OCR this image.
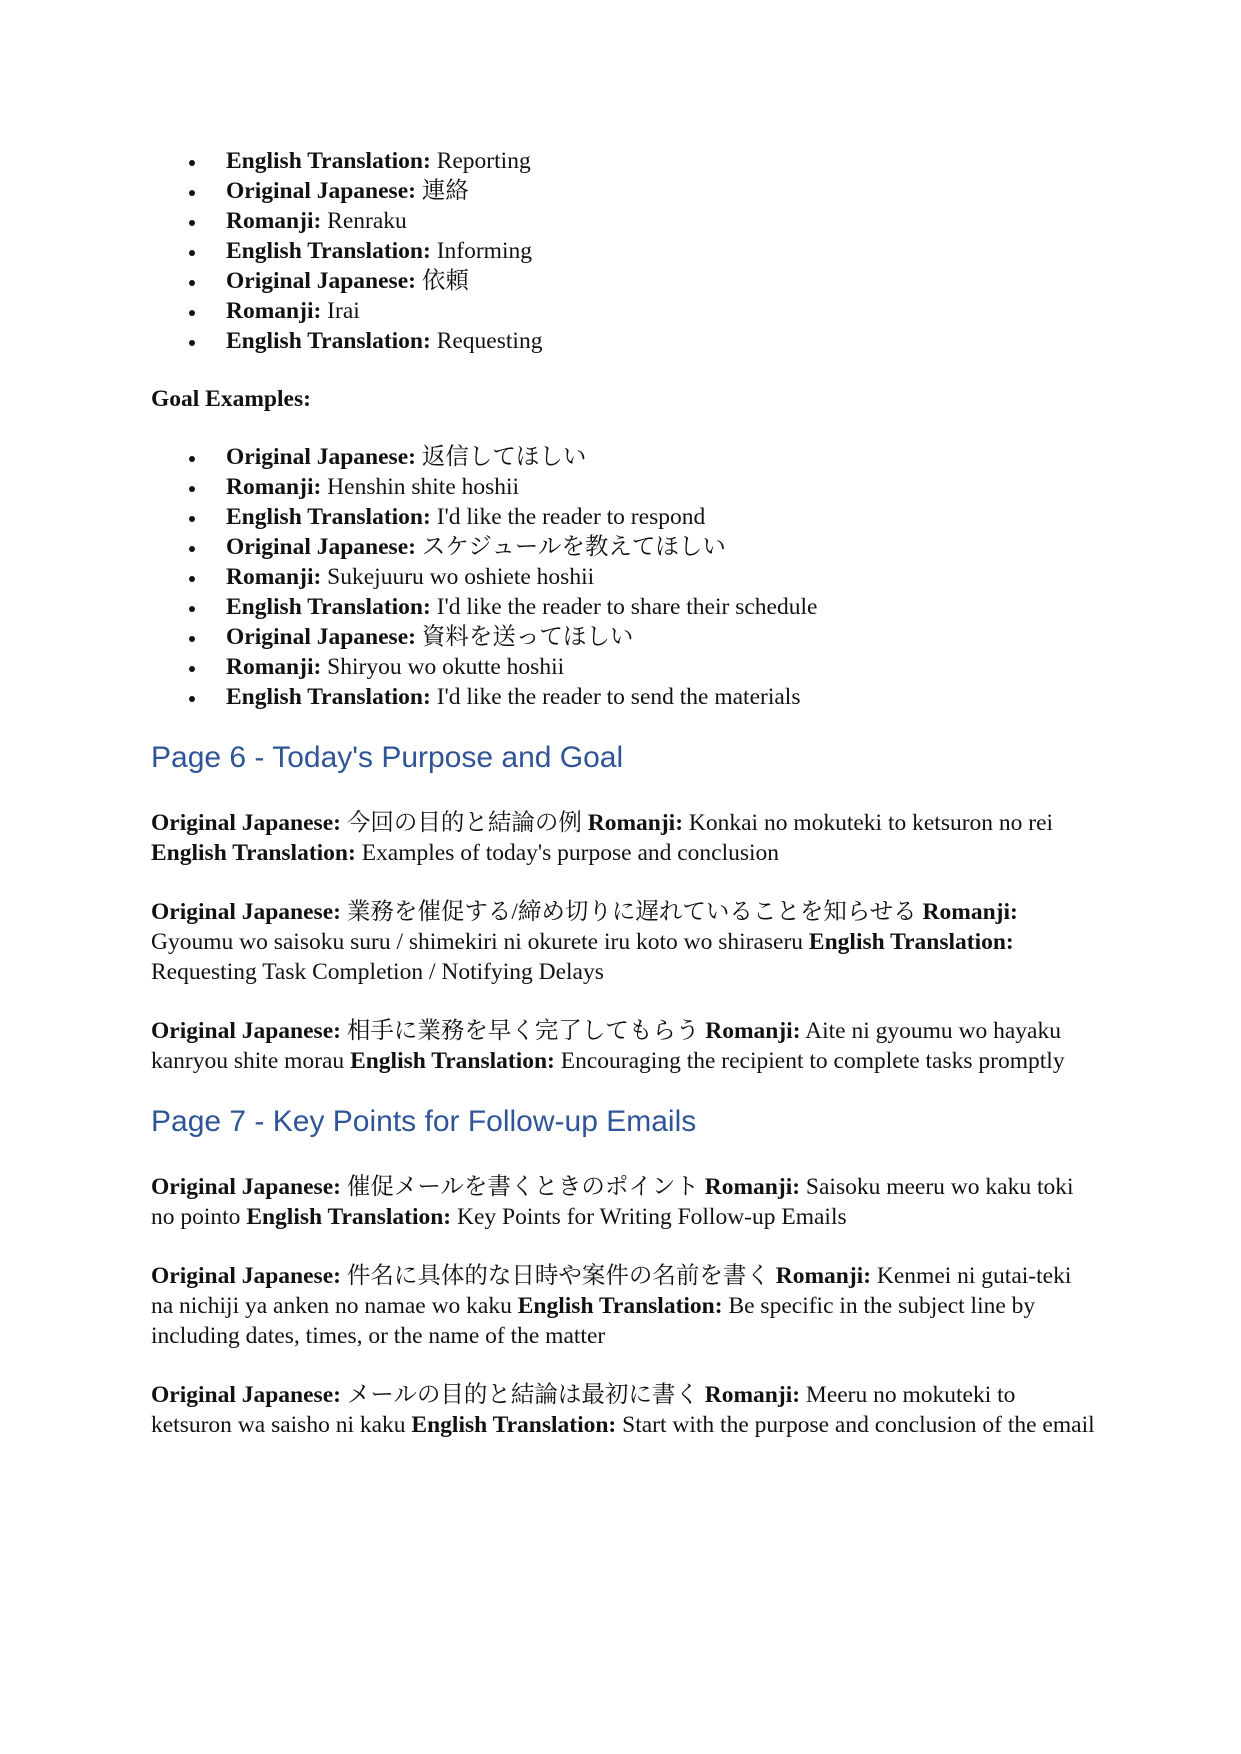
English Translation: Reporting
Original Japanese: 連絡
Romanji: Renraku
English Translation: Informing
Original Japanese: 依頼
Romanji: Irai
English Translation: Requesting
Goal Examples:
Original Japanese: 返信してほしい
Romanji: Henshin shite hoshii
English Translation: I'd like the reader to respond
Original Japanese: スケジュールを教えてほしい
Romanji: Sukejuuru wo oshiete hoshii
English Translation: I'd like the reader to share their schedule
Original Japanese: 資料を送ってほしい
Romanji: Shiryou wo okutte hoshii
English Translation: I'd like the reader to send the materials
Page 6 - Today's Purpose and Goal

Original Japanese: 今回の目的と結論の例 Romanji: Konkai no mokuteki to ketsuron no rei English Translation: Examples of today's purpose and conclusion

Original Japanese: 業務を催促する/締め切りに遅れていることを知らせる Romanji: Gyoumu wo saisoku suru / shimekiri ni okurete iru koto wo shiraseru English Translation: Requesting Task Completion / Notifying Delays

Original Japanese: 相手に業務を早く完了してもらう Romanji: Aite ni gyoumu wo hayaku kanryou shite morau English Translation: Encouraging the recipient to complete tasks promptly

Page 7 - Key Points for Follow-up Emails

Original Japanese: 催促メールを書くときのポイント Romanji: Saisoku meeru wo kaku toki no pointo English Translation: Key Points for Writing Follow-up Emails

Original Japanese: 件名に具体的な日時や案件の名前を書く Romanji: Kenmei ni gutai-teki na nichiji ya anken no namae wo kaku English Translation: Be specific in the subject line by including dates, times, or the name of the matter

Original Japanese: メールの目的と結論は最初に書く Romanji: Meeru no mokuteki to ketsuron wa saisho ni kaku English Translation: Start with the purpose and conclusion of the email
